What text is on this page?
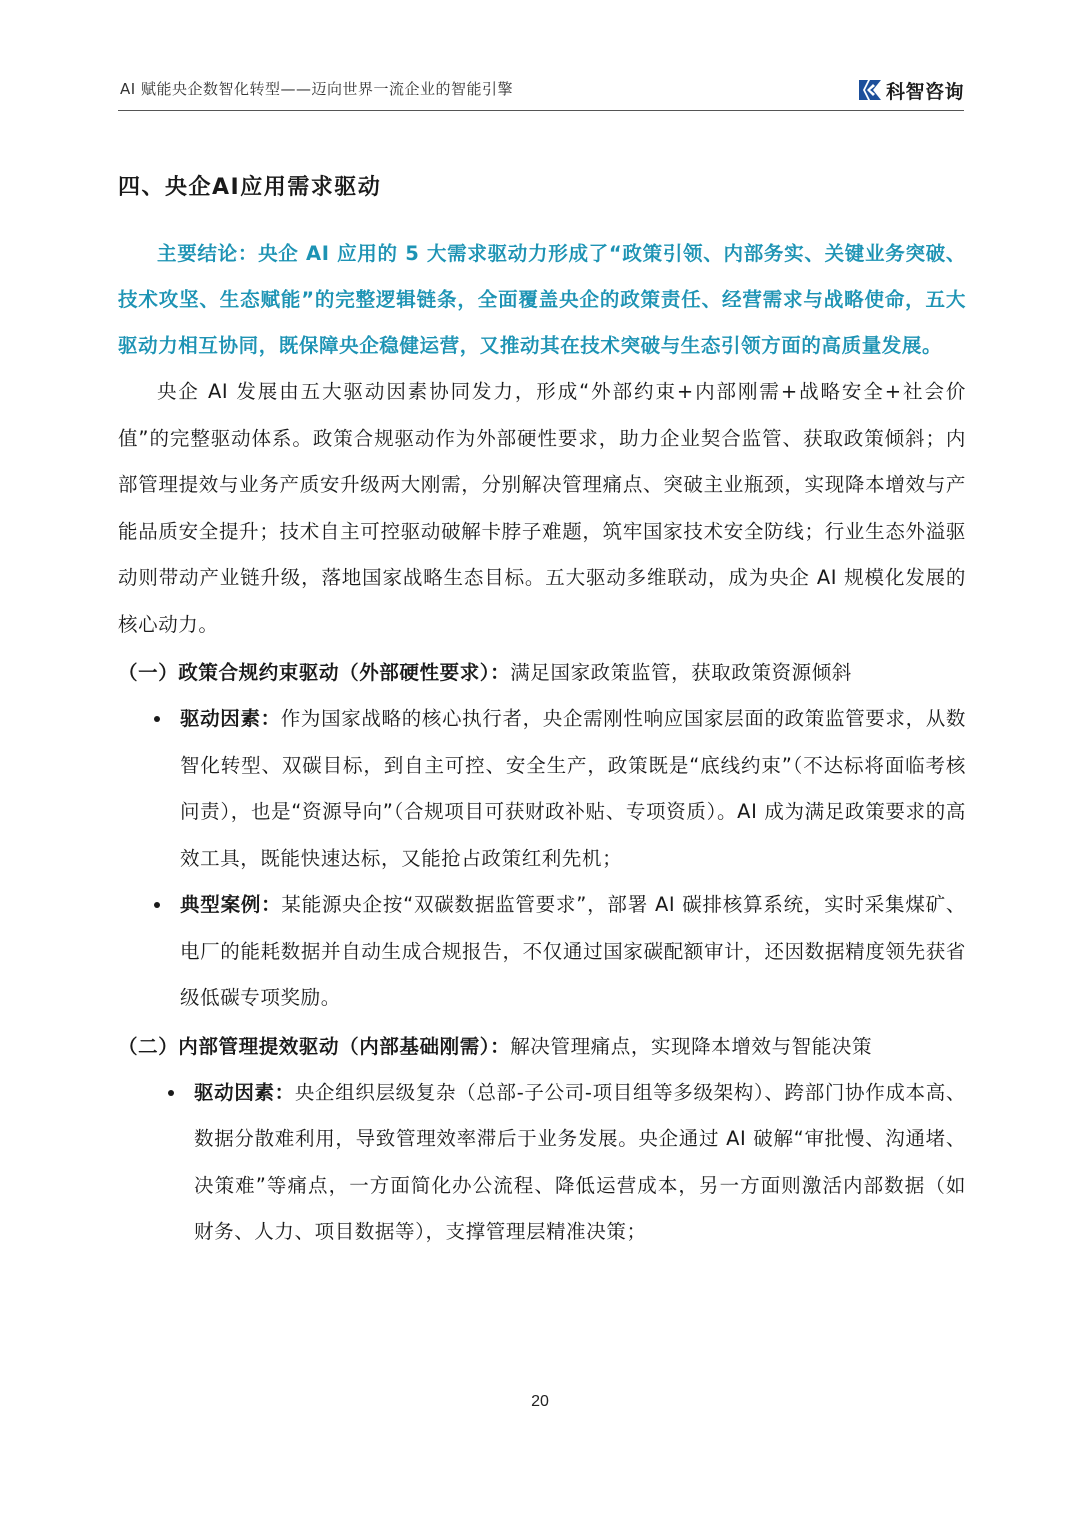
AI 赋能央企数智化转型——迈向世界一流企业的智能引擎	科智咨询
四、央企AI应用需求驱动

主要结论：央企 AI 应用的 5 大需求驱动力形成了“政策引领、内部务实、关键业务突破、技术攻坚、生态赋能”的完整逻辑链条，全面覆盖央企的政策责任、经营需求与战略使命，五大驱动力相互协同，既保障央企稳健运营，又推动其在技术突破与生态引领方面的高质量发展。

央企 AI 发展由五大驱动因素协同发力，形成“外部约束+内部刚需+战略安全+社会价值”的完整驱动体系。政策合规驱动作为外部硬性要求，助力企业契合监管、获取政策倾斜；内部管理提效与业务产质安升级两大刚需，分别解决管理痛点、突破主业瓶颈，实现降本增效与产能品质安全提升；技术自主可控驱动破解卡脖子难题，筑牢国家技术安全防线；行业生态外溢驱动则带动产业链升级，落地国家战略生态目标。五大驱动多维联动，成为央企 AI 规模化发展的核心动力。

（一）政策合规约束驱动（外部硬性要求）：满足国家政策监管，获取政策资源倾斜

驱动因素：作为国家战略的核心执行者，央企需刚性响应国家层面的政策监管要求，从数智化转型、双碳目标，到自主可控、安全生产，政策既是“底线约束”（不达标将面临考核问责），也是“资源导向”（合规项目可获财政补贴、专项资质）。AI 成为满足政策要求的高效工具，既能快速达标，又能抢占政策红利先机；
典型案例：某能源央企按“双碳数据监管要求”，部署 AI 碳排核算系统，实时采集煤矿、电厂的能耗数据并自动生成合规报告，不仅通过国家碳配额审计，还因数据精度领先获省级低碳专项奖励。

（二）内部管理提效驱动（内部基础刚需）：解决管理痛点，实现降本增效与智能决策

驱动因素：央企组织层级复杂（总部-子公司-项目组等多级架构）、跨部门协作成本高、数据分散难利用，导致管理效率滞后于业务发展。央企通过 AI 破解“审批慢、沟通堵、决策难”等痛点，一方面简化办公流程、降低运营成本，另一方面则激活内部数据（如财务、人力、项目数据等），支撑管理层精准决策；
20
